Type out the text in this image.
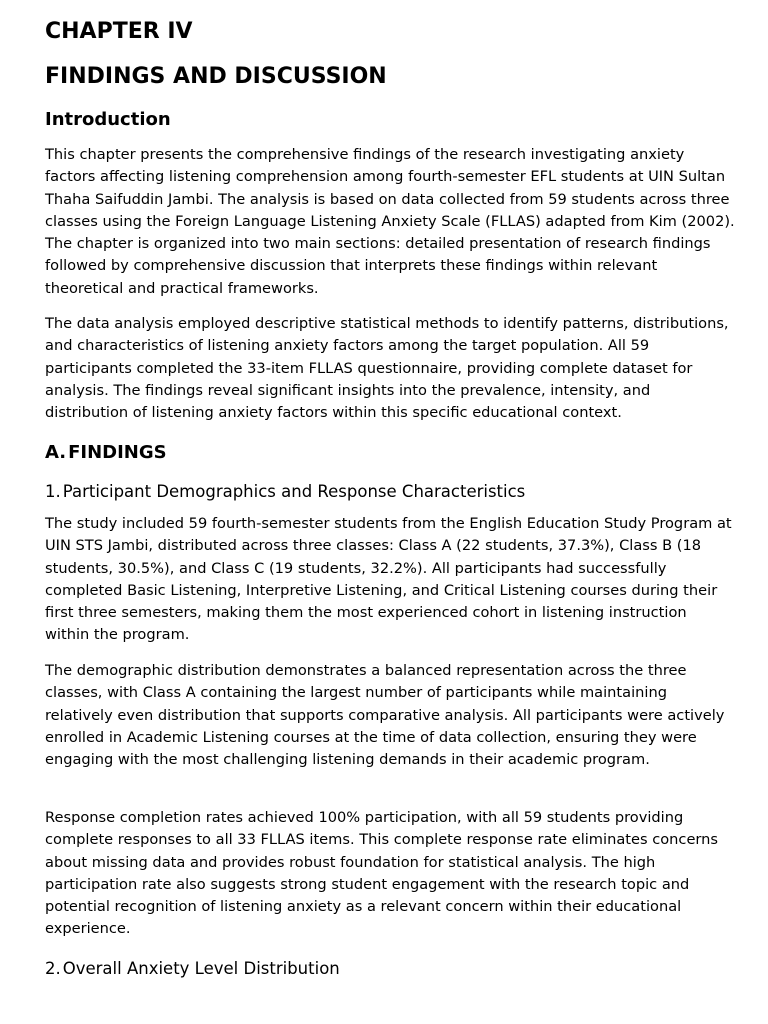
CHAPTER IV
FINDINGS AND DISCUSSION
Introduction

This chapter presents the comprehensive findings of the research investigating anxiety factors affecting listening comprehension among fourth-semester EFL students at UIN Sultan Thaha Saifuddin Jambi. The analysis is based on data collected from 59 students across three classes using the Foreign Language Listening Anxiety Scale (FLLAS) adapted from Kim (2002). The chapter is organized into two main sections: detailed presentation of research findings followed by comprehensive discussion that interprets these findings within relevant theoretical and practical frameworks.

The data analysis employed descriptive statistical methods to identify patterns, distributions, and characteristics of listening anxiety factors among the target population. All 59 participants completed the 33-item FLLAS questionnaire, providing complete dataset for analysis. The findings reveal significant insights into the prevalence, intensity, and distribution of listening anxiety factors within this specific educational context.

A. FINDINGS
1. Participant Demographics and Response Characteristics

The study included 59 fourth-semester students from the English Education Study Program at UIN STS Jambi, distributed across three classes: Class A (22 students, 37.3%), Class B (18 students, 30.5%), and Class C (19 students, 32.2%). All participants had successfully completed Basic Listening, Interpretive Listening, and Critical Listening courses during their first three semesters, making them the most experienced cohort in listening instruction within the program.

The demographic distribution demonstrates a balanced representation across the three classes, with Class A containing the largest number of participants while maintaining relatively even distribution that supports comparative analysis. All participants were actively enrolled in Academic Listening courses at the time of data collection, ensuring they were engaging with the most challenging listening demands in their academic program.

Response completion rates achieved 100% participation, with all 59 students providing complete responses to all 33 FLLAS items. This complete response rate eliminates concerns about missing data and provides robust foundation for statistical analysis. The high participation rate also suggests strong student engagement with the research topic and potential recognition of listening anxiety as a relevant concern within their educational experience.

2. Overall Anxiety Level Distribution
